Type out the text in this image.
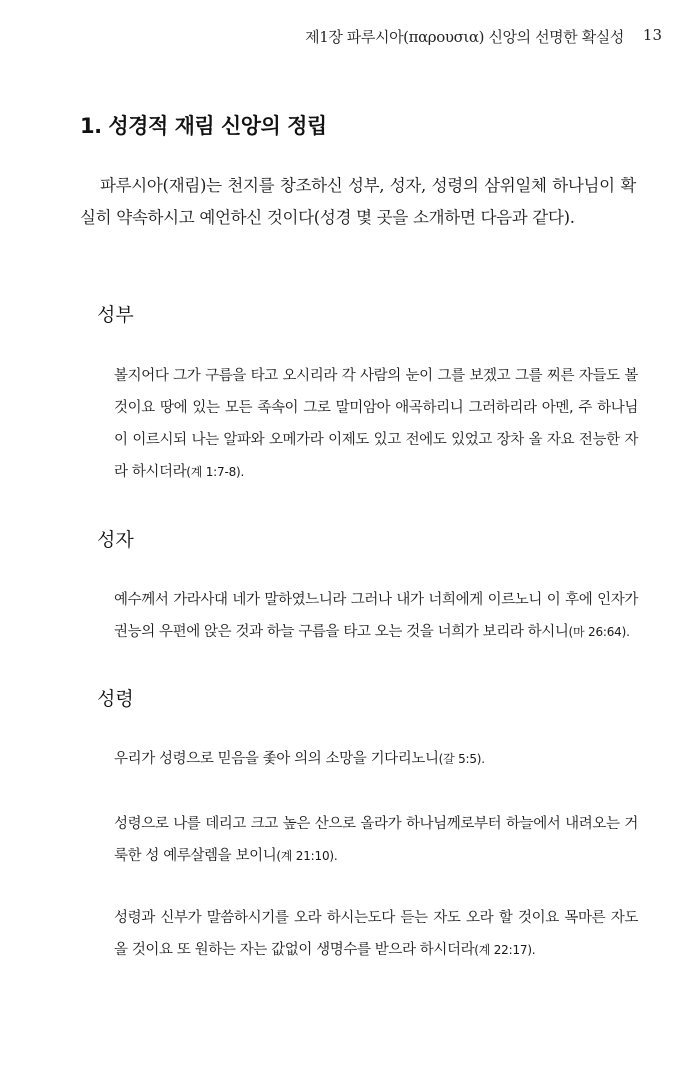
제1장 파루시아(παρουσια) 신앙의 선명한 확실성 13
1. 성경적 재림 신앙의 정립

파루시아(재림)는 천지를 창조하신 성부, 성자, 성령의 삼위일체 하나님이 확실히 약속하시고 예언하신 것이다(성경 몇 곳을 소개하면 다음과 같다).

성부

볼지어다 그가 구름을 타고 오시리라 각 사람의 눈이 그를 보겠고 그를 찌른 자들도 볼 것이요 땅에 있는 모든 족속이 그로 말미암아 애곡하리니 그러하리라 아멘, 주 하나님이 이르시되 나는 알파와 오메가라 이제도 있고 전에도 있었고 장차 올 자요 전능한 자라 하시더라(계 1:7-8).

성자

예수께서 가라사대 네가 말하였느니라 그러나 내가 너희에게 이르노니 이 후에 인자가 권능의 우편에 앉은 것과 하늘 구름을 타고 오는 것을 너희가 보리라 하시니(마 26:64).

성령

우리가 성령으로 믿음을 좇아 의의 소망을 기다리노니(갈 5:5).

성령으로 나를 데리고 크고 높은 산으로 올라가 하나님께로부터 하늘에서 내려오는 거룩한 성 예루살렘을 보이니(계 21:10).

성령과 신부가 말씀하시기를 오라 하시는도다 듣는 자도 오라 할 것이요 목마른 자도 올 것이요 또 원하는 자는 값없이 생명수를 받으라 하시더라(계 22:17).
